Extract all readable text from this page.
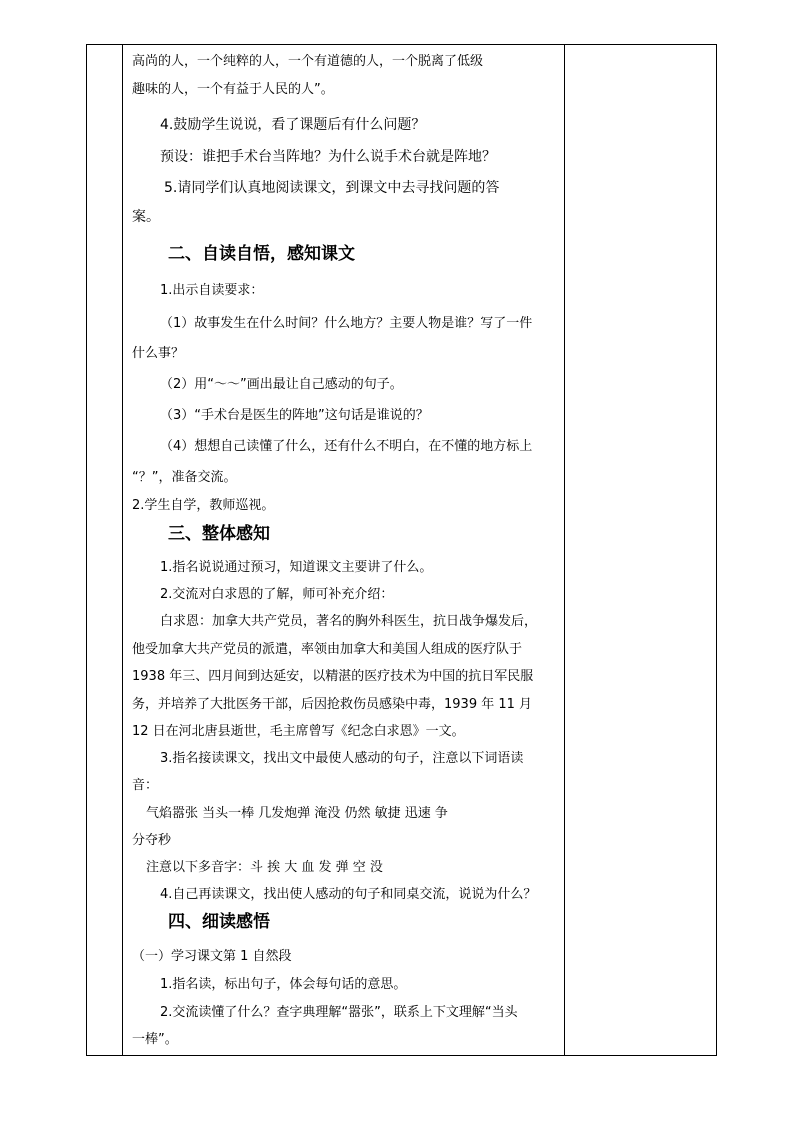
高尚的人，一个纯粹的人，一个有道德的人，一个脱离了低级
趣味的人，一个有益于人民的人”。
4.鼓励学生说说，看了课题后有什么问题？
预设：谁把手术台当阵地？为什么说手术台就是阵地？
5.请同学们认真地阅读课文，到课文中去寻找问题的答
案。
二、自读自悟，感知课文
1.出示自读要求：
（1）故事发生在什么时间？什么地方？主要人物是谁？写了一件
什么事？
（2）用“～～”画出最让自己感动的句子。
（3）“手术台是医生的阵地”这句话是谁说的？
（4）想想自己读懂了什么，还有什么不明白，在不懂的地方标上
“？”，准备交流。
2.学生自学，教师巡视。
三、整体感知
1.指名说说通过预习，知道课文主要讲了什么。
2.交流对白求恩的了解，师可补充介绍：
白求恩：加拿大共产党员，著名的胸外科医生，抗日战争爆发后，
他受加拿大共产党员的派遣，率领由加拿大和美国人组成的医疗队于
1938 年三、四月间到达延安，以精湛的医疗技术为中国的抗日军民服
务，并培养了大批医务干部，后因抢救伤员感染中毒，1939 年 11 月
12 日在河北唐县逝世，毛主席曾写《纪念白求恩》一文。
3.指名接读课文，找出文中最使人感动的句子，注意以下词语读
音：
气焰嚣张 当头一棒 几发炮弹 淹没 仍然 敏捷 迅速 争
分夺秒
注意以下多音字：斗 挨 大 血 发 弹 空 没
4.自己再读课文，找出使人感动的句子和同桌交流，说说为什么？
四、细读感悟
（一）学习课文第 1 自然段
1.指名读，标出句子，体会每句话的意思。
2.交流读懂了什么？查字典理解“嚣张”，联系上下文理解“当头
一棒”。
